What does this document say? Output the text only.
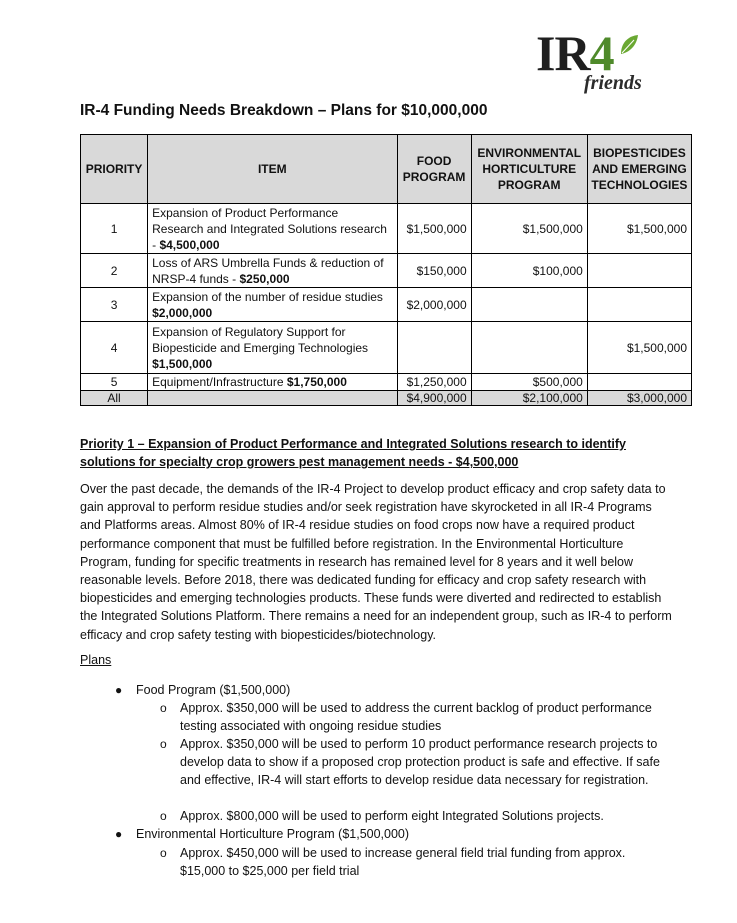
IR4
friends
IR-4 Funding Needs Breakdown – Plans for $10,000,000
PRIORITY	ITEM	FOOD PROGRAM	ENVIRONMENTAL HORTICULTURE PROGRAM	BIOPESTICIDES AND EMERGING TECHNOLOGIES
1	Expansion of Product Performance Research and Integrated Solutions research - $4,500,000	$1,500,000	$1,500,000	$1,500,000
2	Loss of ARS Umbrella Funds & reduction of NRSP-4 funds - $250,000	$150,000	$100,000	
3	Expansion of the number of residue studies $2,000,000	$2,000,000		
4	Expansion of Regulatory Support for Biopesticide and Emerging Technologies $1,500,000			$1,500,000
5	Equipment/Infrastructure $1,750,000	$1,250,000	$500,000	
All		$4,900,000	$2,100,000	$3,000,000
Priority 1 – Expansion of Product Performance and Integrated Solutions research to identify solutions for specialty crop growers pest management needs - $4,500,000
Over the past decade, the demands of the IR-4 Project to develop product efficacy and crop safety data to gain approval to perform residue studies and/or seek registration have skyrocketed in all IR-4 Programs and Platforms areas. Almost 80% of IR-4 residue studies on food crops now have a required product performance component that must be fulfilled before registration. In the Environmental Horticulture Program, funding for specific treatments in research has remained level for 8 years and it well below reasonable levels. Before 2018, there was dedicated funding for efficacy and crop safety research with biopesticides and emerging technologies products. These funds were diverted and redirected to establish the Integrated Solutions Platform. There remains a need for an independent group, such as IR-4 to perform efficacy and crop safety testing with biopesticides/biotechnology.
Plans
● Food Program ($1,500,000)
o Approx. $350,000 will be used to address the current backlog of product performance testing associated with ongoing residue studies
o Approx. $350,000 will be used to perform 10 product performance research projects to develop data to show if a proposed crop protection product is safe and effective. If safe and effective, IR-4 will start efforts to develop residue data necessary for registration.
o Approx. $800,000 will be used to perform eight Integrated Solutions projects.
● Environmental Horticulture Program ($1,500,000)
o Approx. $450,000 will be used to increase general field trial funding from approx. $15,000 to $25,000 per field trial
